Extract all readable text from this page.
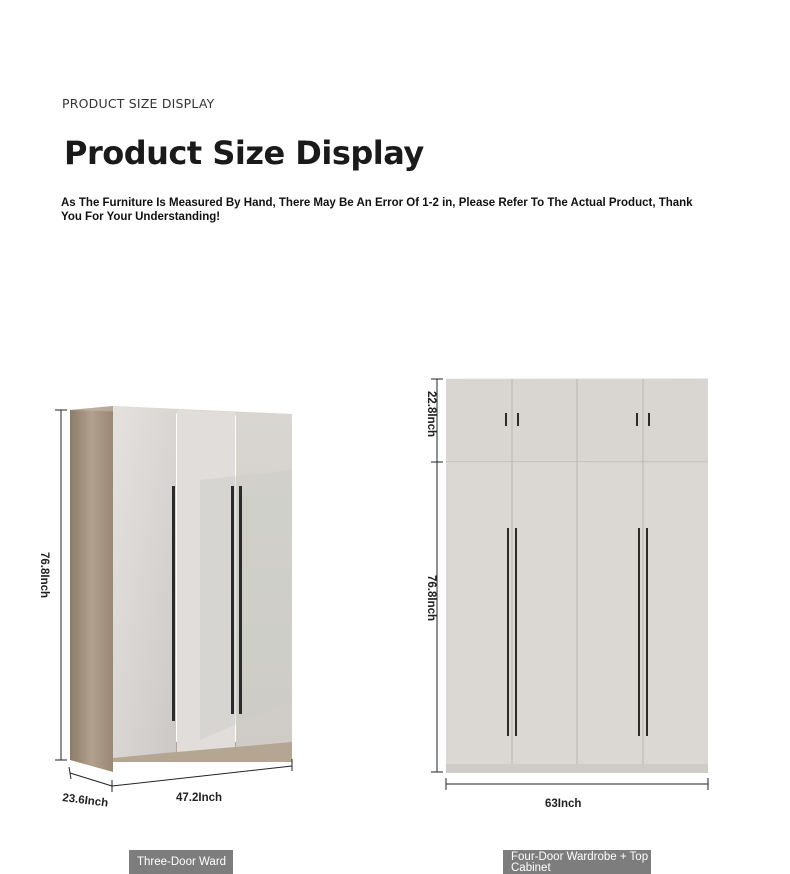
PRODUCT SIZE DISPLAY
Product Size Display
As The Furniture Is Measured By Hand, There May Be An Error Of 1-2 in, Please Refer To The Actual Product, Thank You For Your Understanding!
76.8Inch
47.2Inch
23.6Inch
22.8Inch
76.8Inch
63Inch
Three-Door Ward	Four-Door Wardrobe + Top Cabinet
